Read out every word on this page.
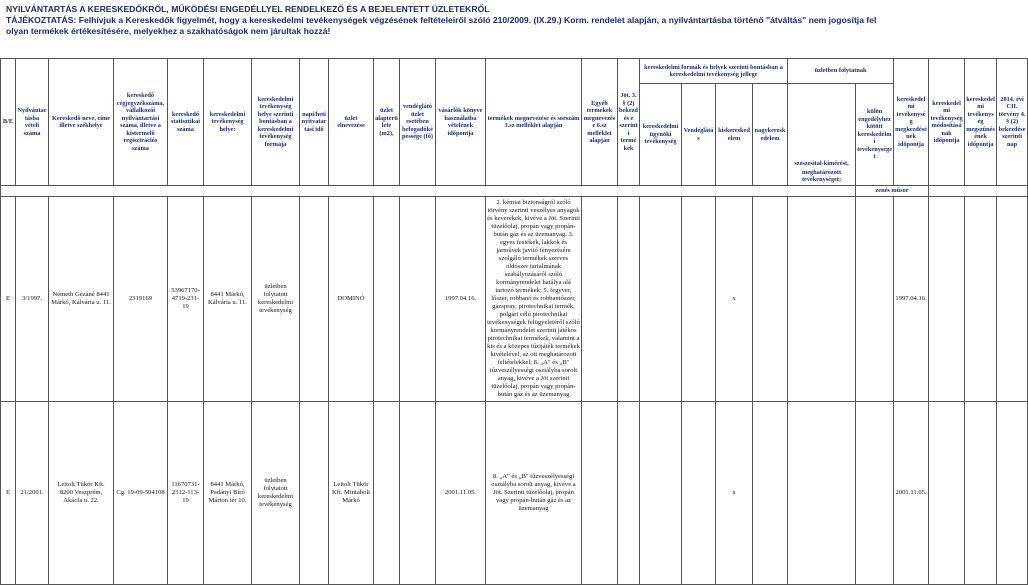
NYILVÁNTARTÁS A KERESKEDŐKRŐL, MŰKÖDÉSI ENGEDÉLLYEL RENDELKEZŐ ÉS A BEJELENTETT ÜZLETEKRŐL
TÁJÉKOZTATÁS: Felhívjuk a Kereskedők figyelmét, hogy a kereskedelmi tevékenységek végzésének feltételeiről szóló 210/2009. (IX.29.) Korm. rendelet alapján, a nyilvántartásba történő "átváltás" nem jogosítja fel
olyan termékek értékesítésére, melyekhez a szakhatóságok nem járultak hozzá!
B/E	Nyilvántartásba vételi száma	Kereskedő neve, címe illetve székhelye	kereskedő cégjegyzékszáma, vállalkozói nyilvántartási száma, illetve a kistermelő regisztrációs száma	kereskedő statisztikai száma	kereskedelmi tevékenység helye:	kereskedelmi tevékenység helye szerinti bontásban a kereskedelmi tevékenység formája	napi/heti nyitvatartási idő	üzlet elnevezése	üzlet alapterülete (m2),	vendéglátó üzlet esetében befogadóképessége (fő)	vásárlók könyve használatba vételének időpontja	termékek megnevezése és sorszám 3.sz melléklet alapján	Egyéb termékek megnevezése 6.sz melléklet alapján	Jöt. 3. § (2) bekezdés e szerinti termékek	kereskedelmi formák és helyek szerinti bontásban a kereskedelmi tevékenység jellege				üzletben folytatnak		kereskedelmi tevékenység megkezdésének időpontja	kereskedelmi tevékenység módosításának időpontja	kereskedelmi tevékenység megszűnésének időpontja	2014. évi CII. törvény 4. § (2) bekezdése szerinti nap
															kereskedelmi ügynöki tevékenység	Vendéglátás	kiskereskedelem	nagykereskedelem	szeszesital-kimérést,	külön engedélyhez kötött kereskedelmi tevékenységet				
																			meghatározott tevékenységet;					
																				zenés műsor				
E	3/1997.	Németh Gézáné 8441 Márkó, Kálvária u. 11.	2319169	53967170-4719-231-19	8441 Márkó, Kálvária u. 11.	üzletben folytatott kereskedelmi tevékenység		DOMINÓ			1997.04.16.	2. kémiai biztonságról szóló törvény szerinti veszélyes anyagok és keverékek, kivéve a Jöt. Szerinti tüzelőolaj, propán vagy propán-bután gáz és az üzemanyag. 3. egyes festékek, lakkok és járművek javító fényezésére szolgáló termékek szerves oldószer tartalmának szabályozásáról szóló kormányrendelet hatálya alá tartozó termékek; 5. fegyver, lőszer, robbanó és robbantószer, gázspray, pirotechnikai termék, polgári célú pirotechnikai tevékenységek felügyeletéről szóló kormányrendelet szerinti játékos pirotechnikai termékek, valamint a kis és a közepes tűzijáték termékek kivételével, az ott meghatározott feltételekkel; 8. „A" és „B" tűzveszélyességi osztályba sorolt anyag, kivéve a Jöt szerinti tüzelőolaj, propán vagy propán-bután gáz és az üzemanyag					x				1997.04.16.			
E	21/2001.	Leitolt Tükör Kft. 8200 Veszprém, Akácfa u. 22.	Cg. 19-09-504108	11670731-2312-113-19	8441 Márkó, Padányi Bíró Márton tér 10.	üzletben folytatott kereskedelmi tevékenység		Leitolt Tükör Kft. Mintabolt Márkó			2001.11.05.	8. „A" és „B" tűzveszélyességi osztályba sorolt anyag, kivéve a Jöt. Szerinti tüzelőolaj, propán vagy propán-bután gáz és az üzemanyag					x				2001.11.05.			
